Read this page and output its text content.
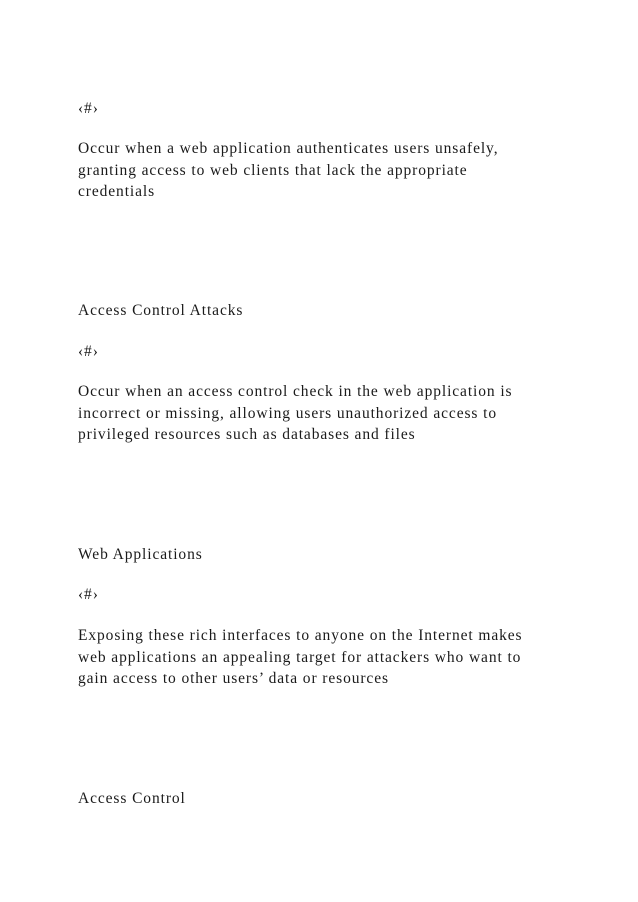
‹#›

Occur when a web application authenticates users unsafely,
granting access to web clients that lack the appropriate
credentials

Access Control Attacks

‹#›

Occur when an access control check in the web application is
incorrect or missing, allowing users unauthorized access to
privileged resources such as databases and files

Web Applications

‹#›

Exposing these rich interfaces to anyone on the Internet makes
web applications an appealing target for attackers who want to
gain access to other users’ data or resources

Access Control
